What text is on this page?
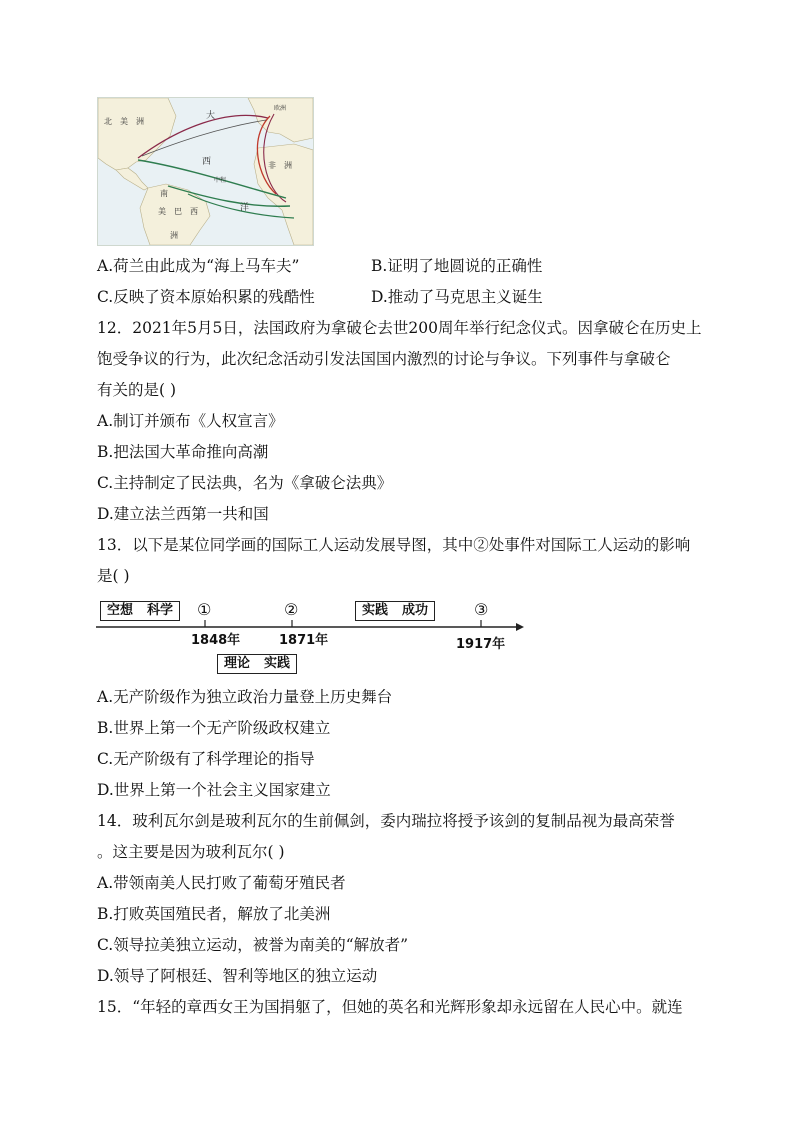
北　美　洲
大
西
洋
非　洲
南
美　巴　西
洲
欧洲
中程
A.荷兰由此成为“海上马车夫”	B.证明了地圆说的正确性
C.反映了资本原始积累的残酷性	D.推动了马克思主义诞生
12．2021年5月5日，法国政府为拿破仑去世200周年举行纪念仪式。因拿破仑在历史上
饱受争议的行为，此次纪念活动引发法国国内激烈的讨论与争议。下列事件与拿破仑
有关的是( )
A.制订并颁布《人权宣言》
B.把法国大革命推向高潮
C.主持制定了民法典，名为《拿破仑法典》
D.建立法兰西第一共和国
13．以下是某位同学画的国际工人运动发展导图，其中②处事件对国际工人运动的影响
是( )
空想 科学	①	②	实践 成功	③
1848年	1871年	1917年
理论 实践
A.无产阶级作为独立政治力量登上历史舞台
B.世界上第一个无产阶级政权建立
C.无产阶级有了科学理论的指导
D.世界上第一个社会主义国家建立
14．玻利瓦尔剑是玻利瓦尔的生前佩剑，委内瑞拉将授予该剑的复制品视为最高荣誉
。这主要是因为玻利瓦尔( )
A.带领南美人民打败了葡萄牙殖民者
B.打败英国殖民者，解放了北美洲
C.领导拉美独立运动，被誉为南美的“解放者”
D.领导了阿根廷、智利等地区的独立运动
15．“年轻的章西女王为国捐躯了，但她的英名和光辉形象却永远留在人民心中。就连
